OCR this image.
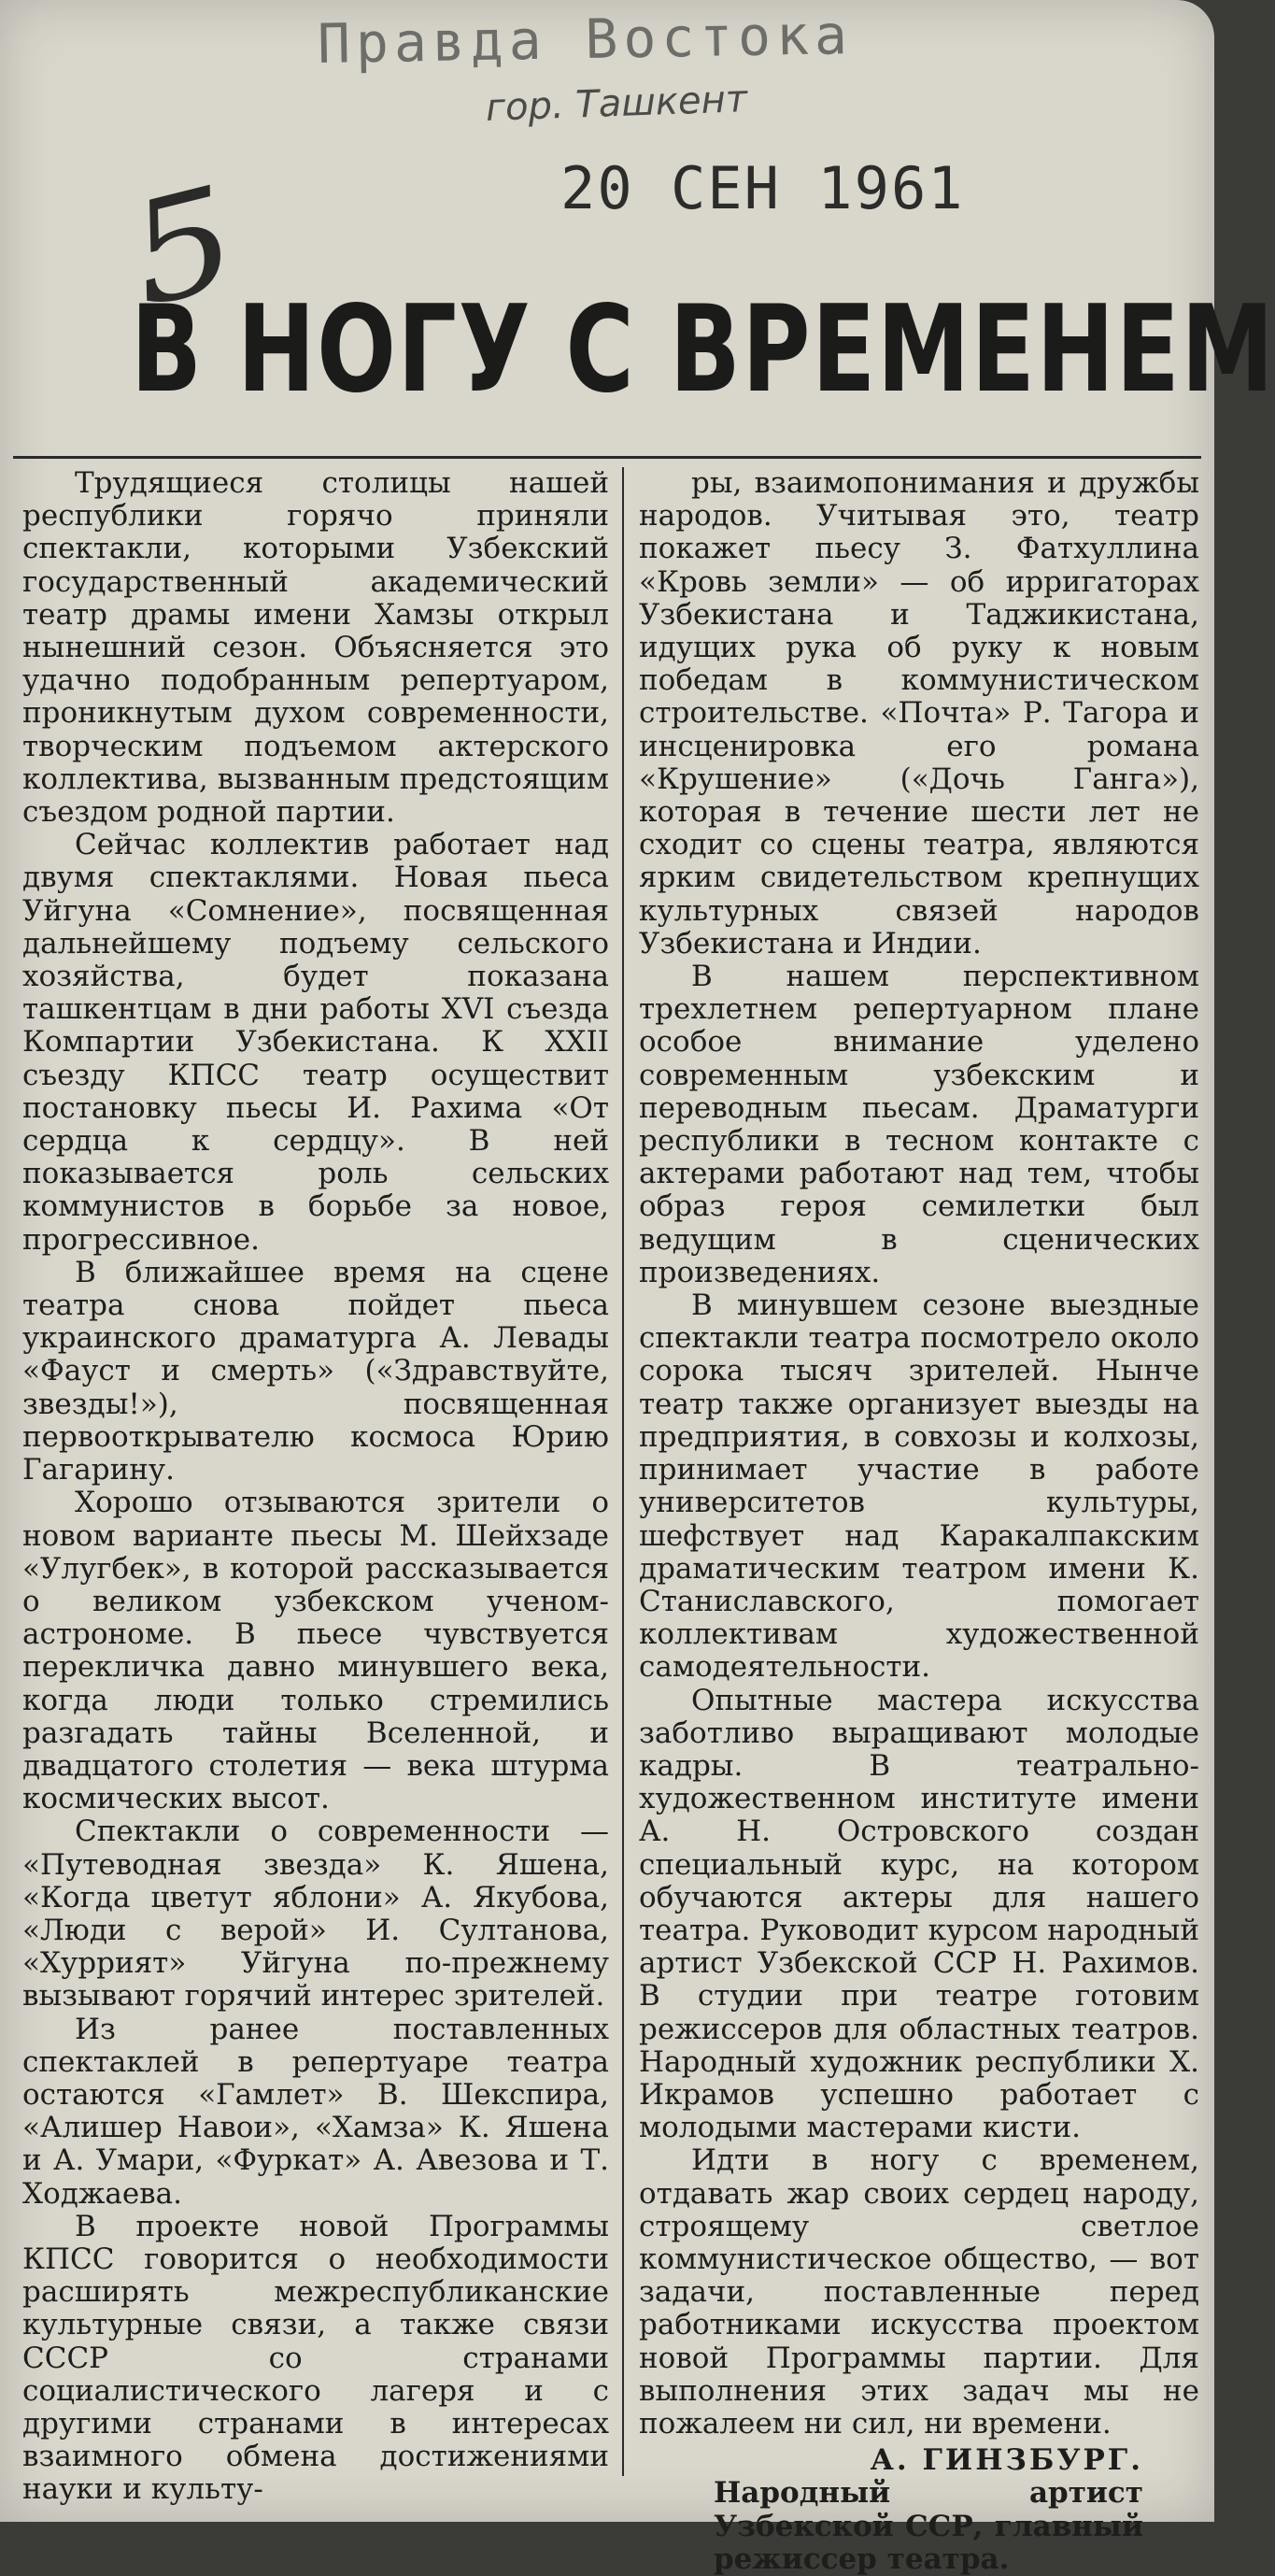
Правда Востока
гор. Ташкент
20 СЕН 1961
5
В НОГУ С ВРЕМЕНЕМ

Трудящиеся столицы нашей республики горячо приняли спектакли, которыми Узбекский государственный академический театр драмы имени Хамзы открыл нынешний сезон. Объясняется это удачно подобранным репертуаром, проникнутым духом современности, творческим подъемом актерского коллектива, вызванным предстоящим съездом родной партии.

Сейчас коллектив работает над двумя спектаклями. Новая пьеса Уйгуна «Сомнение», посвященная дальнейшему подъему сельского хозяйства, будет показана ташкентцам в дни работы XVI съезда Компартии Узбекистана. К XXII съезду КПСС театр осуществит постановку пьесы И. Рахима «От сердца к сердцу». В ней показывается роль сельских коммунистов в борьбе за новое, прогрессивное.

В ближайшее время на сцене театра снова пойдет пьеса украинского драматурга А. Левады «Фауст и смерть» («Здравствуйте, звезды!»), посвященная первооткрывателю космоса Юрию Гагарину.

Хорошо отзываются зрители о новом варианте пьесы М. Шейхзаде «Улугбек», в которой рассказывается о великом узбекском ученом-астрономе. В пьесе чувствуется перекличка давно минувшего века, когда люди только стремились разгадать тайны Вселенной, и двадцатого столетия — века штурма космических высот.

Спектакли о современности — «Путеводная звезда» К. Яшена, «Когда цветут яблони» А. Якубова, «Люди с верой» И. Султанова, «Хуррият» Уйгуна по-прежнему вызывают горячий интерес зрителей.

Из ранее поставленных спектаклей в репертуаре театра остаются «Гамлет» В. Шекспира, «Алишер Навои», «Хамза» К. Яшена и А. Умари, «Фуркат» А. Авезова и Т. Ходжаева.

В проекте новой Программы КПСС говорится о необходимости расширять межреспубликанские культурные связи, а также связи СССР со странами социалистического лагеря и с другими странами в интересах взаимного обмена достижениями науки и культу-

ры, взаимопонимания и дружбы народов. Учитывая это, театр покажет пьесу З. Фатхуллина «Кровь земли» — об ирригаторах Узбекистана и Таджикистана, идущих рука об руку к новым победам в коммунистическом строительстве. «Почта» Р. Тагора и инсценировка его романа «Крушение» («Дочь Ганга»), которая в течение шести лет не сходит со сцены театра, являются ярким свидетельством крепнущих культурных связей народов Узбекистана и Индии.

В нашем перспективном трехлетнем репертуарном плане особое внимание уделено современным узбекским и переводным пьесам. Драматурги республики в тесном контакте с актерами работают над тем, чтобы образ героя семилетки был ведущим в сценических произведениях.

В минувшем сезоне выездные спектакли театра посмотрело около сорока тысяч зрителей. Нынче театр также организует выезды на предприятия, в совхозы и колхозы, принимает участие в работе университетов культуры, шефствует над Каракалпакским драматическим театром имени К. Станиславского, помогает коллективам художественной самодеятельности.

Опытные мастера искусства заботливо выращивают молодые кадры. В театрально-художественном институте имени А. Н. Островского создан специальный курс, на котором обучаются актеры для нашего театра. Руководит курсом народный артист Узбекской ССР Н. Рахимов. В студии при театре готовим режиссеров для областных театров. Народный художник республики Х. Икрамов успешно работает с молодыми мастерами кисти.

Идти в ногу с временем, отдавать жар своих сердец народу, строящему светлое коммунистическое общество, — вот задачи, поставленные перед работниками искусства проектом новой Программы партии. Для выполнения этих задач мы не пожалеем ни сил, ни времени.

А. ГИНЗБУРГ.

Народный артист Узбекской ССР, главный режиссер театра.
